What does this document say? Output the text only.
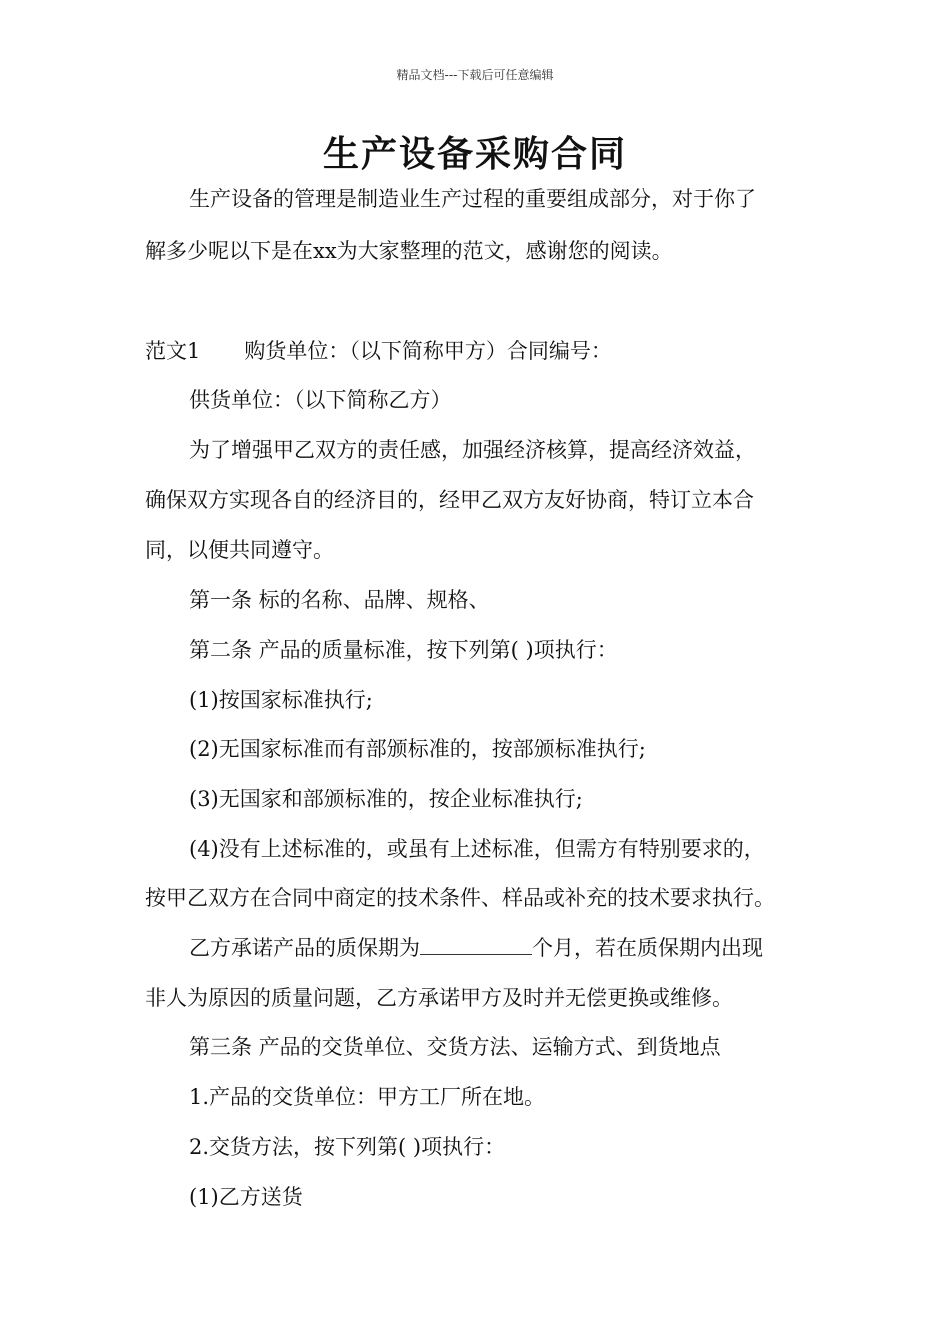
精品文档---下载后可任意编辑
生产设备采购合同
生产设备的管理是制造业生产过程的重要组成部分，对于你了
解多少呢以下是在xx为大家整理的范文，感谢您的阅读。
范文1 购货单位：（以下简称甲方）合同编号：
供货单位：（以下简称乙方）
为了增强甲乙双方的责任感，加强经济核算，提高经济效益，
确保双方实现各自的经济目的，经甲乙双方友好协商，特订立本合
同，以便共同遵守。
第一条 标的名称、品牌、规格、
第二条 产品的质量标准，按下列第( )项执行：
(1)按国家标准执行;
(2)无国家标准而有部颁标准的，按部颁标准执行;
(3)无国家和部颁标准的，按企业标准执行;
(4)没有上述标准的，或虽有上述标准，但需方有特别要求的，
按甲乙双方在合同中商定的技术条件、样品或补充的技术要求执行。
乙方承诺产品的质保期为	个月，若在质保期内出现
非人为原因的质量问题，乙方承诺甲方及时并无偿更换或维修。
第三条 产品的交货单位、交货方法、运输方式、到货地点
1.产品的交货单位：甲方工厂所在地。
2.交货方法，按下列第( )项执行：
(1)乙方送货
